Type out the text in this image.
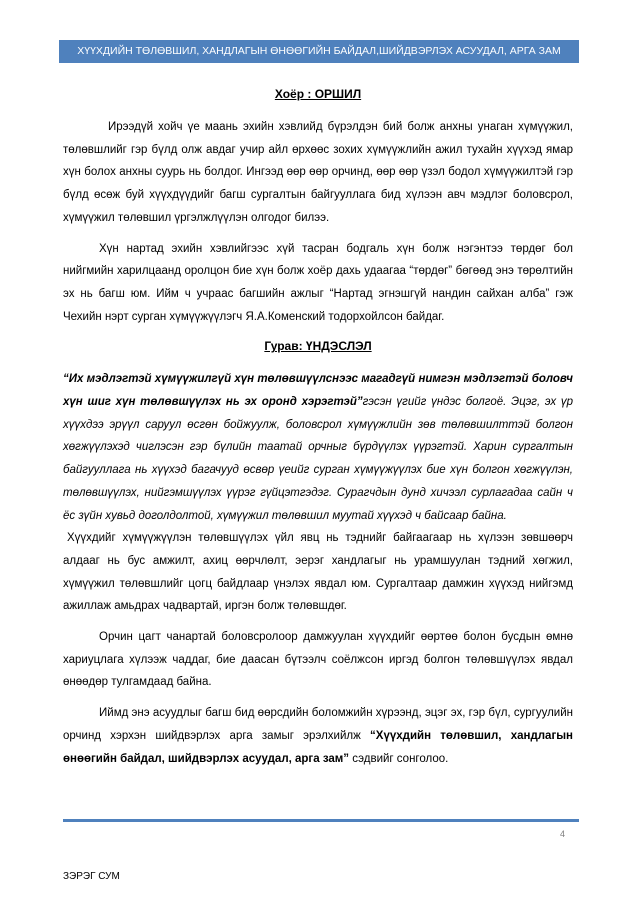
ХҮҮХДИЙН ТӨЛӨВШИЛ, ХАНДЛАГЫН ӨНӨӨГИЙН БАЙДАЛ,ШИЙДВЭРЛЭХ АСУУДАЛ, АРГА ЗАМ
Хоёр : ОРШИЛ

Ирээдүй хойч үе маань эхийн хэвлийд бүрэлдэн бий болж анхны унаган хүмүүжил, төлөвшлийг гэр бүлд олж авдаг учир айл өрхөөс зохих хүмүүжлийн ажил тухайн хүүхэд ямар хүн болох анхны суурь нь болдог. Ингээд өөр өөр орчинд, өөр өөр үзэл бодол хүмүүжилтэй гэр бүлд өсөж буй хүүхдүүдийг багш сургалтын байгууллага бид хүлээн авч мэдлэг боловсрол, хүмүүжил төлөвшил үргэлжлүүлэн олгодог билээ.

Хүн нартад эхийн хэвлийгээс хүй тасран бодгаль хүн болж нэгэнтээ төрдөг бол нийгмийн харилцаанд оролцон бие хүн болж хоёр дахь удаагаа “төрдөг” бөгөөд энэ төрөлтийн эх нь багш юм. Ийм ч учраас багшийн ажлыг “Нартад эгнэшгүй нандин сайхан алба” гэж Чехийн нэрт сурган хүмүүжүүлэгч Я.А.Коменский тодорхойлсон байдаг.

Гурав: ҮНДЭСЛЭЛ

“Их мэдлэгтэй хүмүүжилгүй хүн төлөвшүүлснээс магадгүй нимгэн мэдлэгтэй боловч хүн шиг хүн төлөвшүүлэх нь эх оронд хэрэгтэй”гэсэн үгийг үндэс болгоё. Эцэг, эх үр хүүхдээ эрүүл саруул өсгөн бойжуулж, боловсрол хүмүүжлийн зөв төлөвшилттэй болгон хөгжүүлэхэд чиглэсэн гэр бүлийн таатай орчныг бүрдүүлэх үүрэгтэй. Харин сургалтын байгууллага нь хүүхэд багачууд өсвөр үеийг сурган хүмүүжүүлэх бие хүн болгон хөгжүүлэн, төлөвшүүлэх, нийгэмшүүлэх үүрэг гүйцэтгэдэг. Сурагчдын дунд хичээл сурлагадаа сайн ч ёс зүйн хувьд доголдолтой, хүмүүжил төлөвшил муутай хүүхэд ч байсаар байна.

Хүүхдийг хүмүүжүүлэн төлөвшүүлэх үйл явц нь тэднийг байгаагаар нь хүлээн зөвшөөрч алдааг нь бус амжилт, ахиц өөрчлөлт, эерэг хандлагыг нь урамшуулан тэдний хөгжил, хүмүүжил төлөвшлийг цогц байдлаар үнэлэх явдал юм. Сургалтаар дамжин хүүхэд нийгэмд ажиллаж амьдрах чадвартай, иргэн болж төлөвшдөг.

Орчин цагт чанартай боловсролоор дамжуулан хүүхдийг өөртөө болон бусдын өмнө хариуцлага хүлээж чаддаг, бие даасан бүтээлч соёлжсон иргэд болгон төлөвшүүлэх явдал өнөөдөр тулгамдаад байна.

Иймд энэ асуудлыг багш бид өөрсдийн боломжийн хүрээнд, эцэг эх, гэр бүл, сургуулийн орчинд хэрхэн шийдвэрлэх арга замыг эрэлхийлж “Хүүхдийн төлөвшил, хандлагын өнөөгийн байдал, шийдвэрлэх асуудал, арга зам” сэдвийг сонголоо.

4
ЗЭРЭГ СУМ
